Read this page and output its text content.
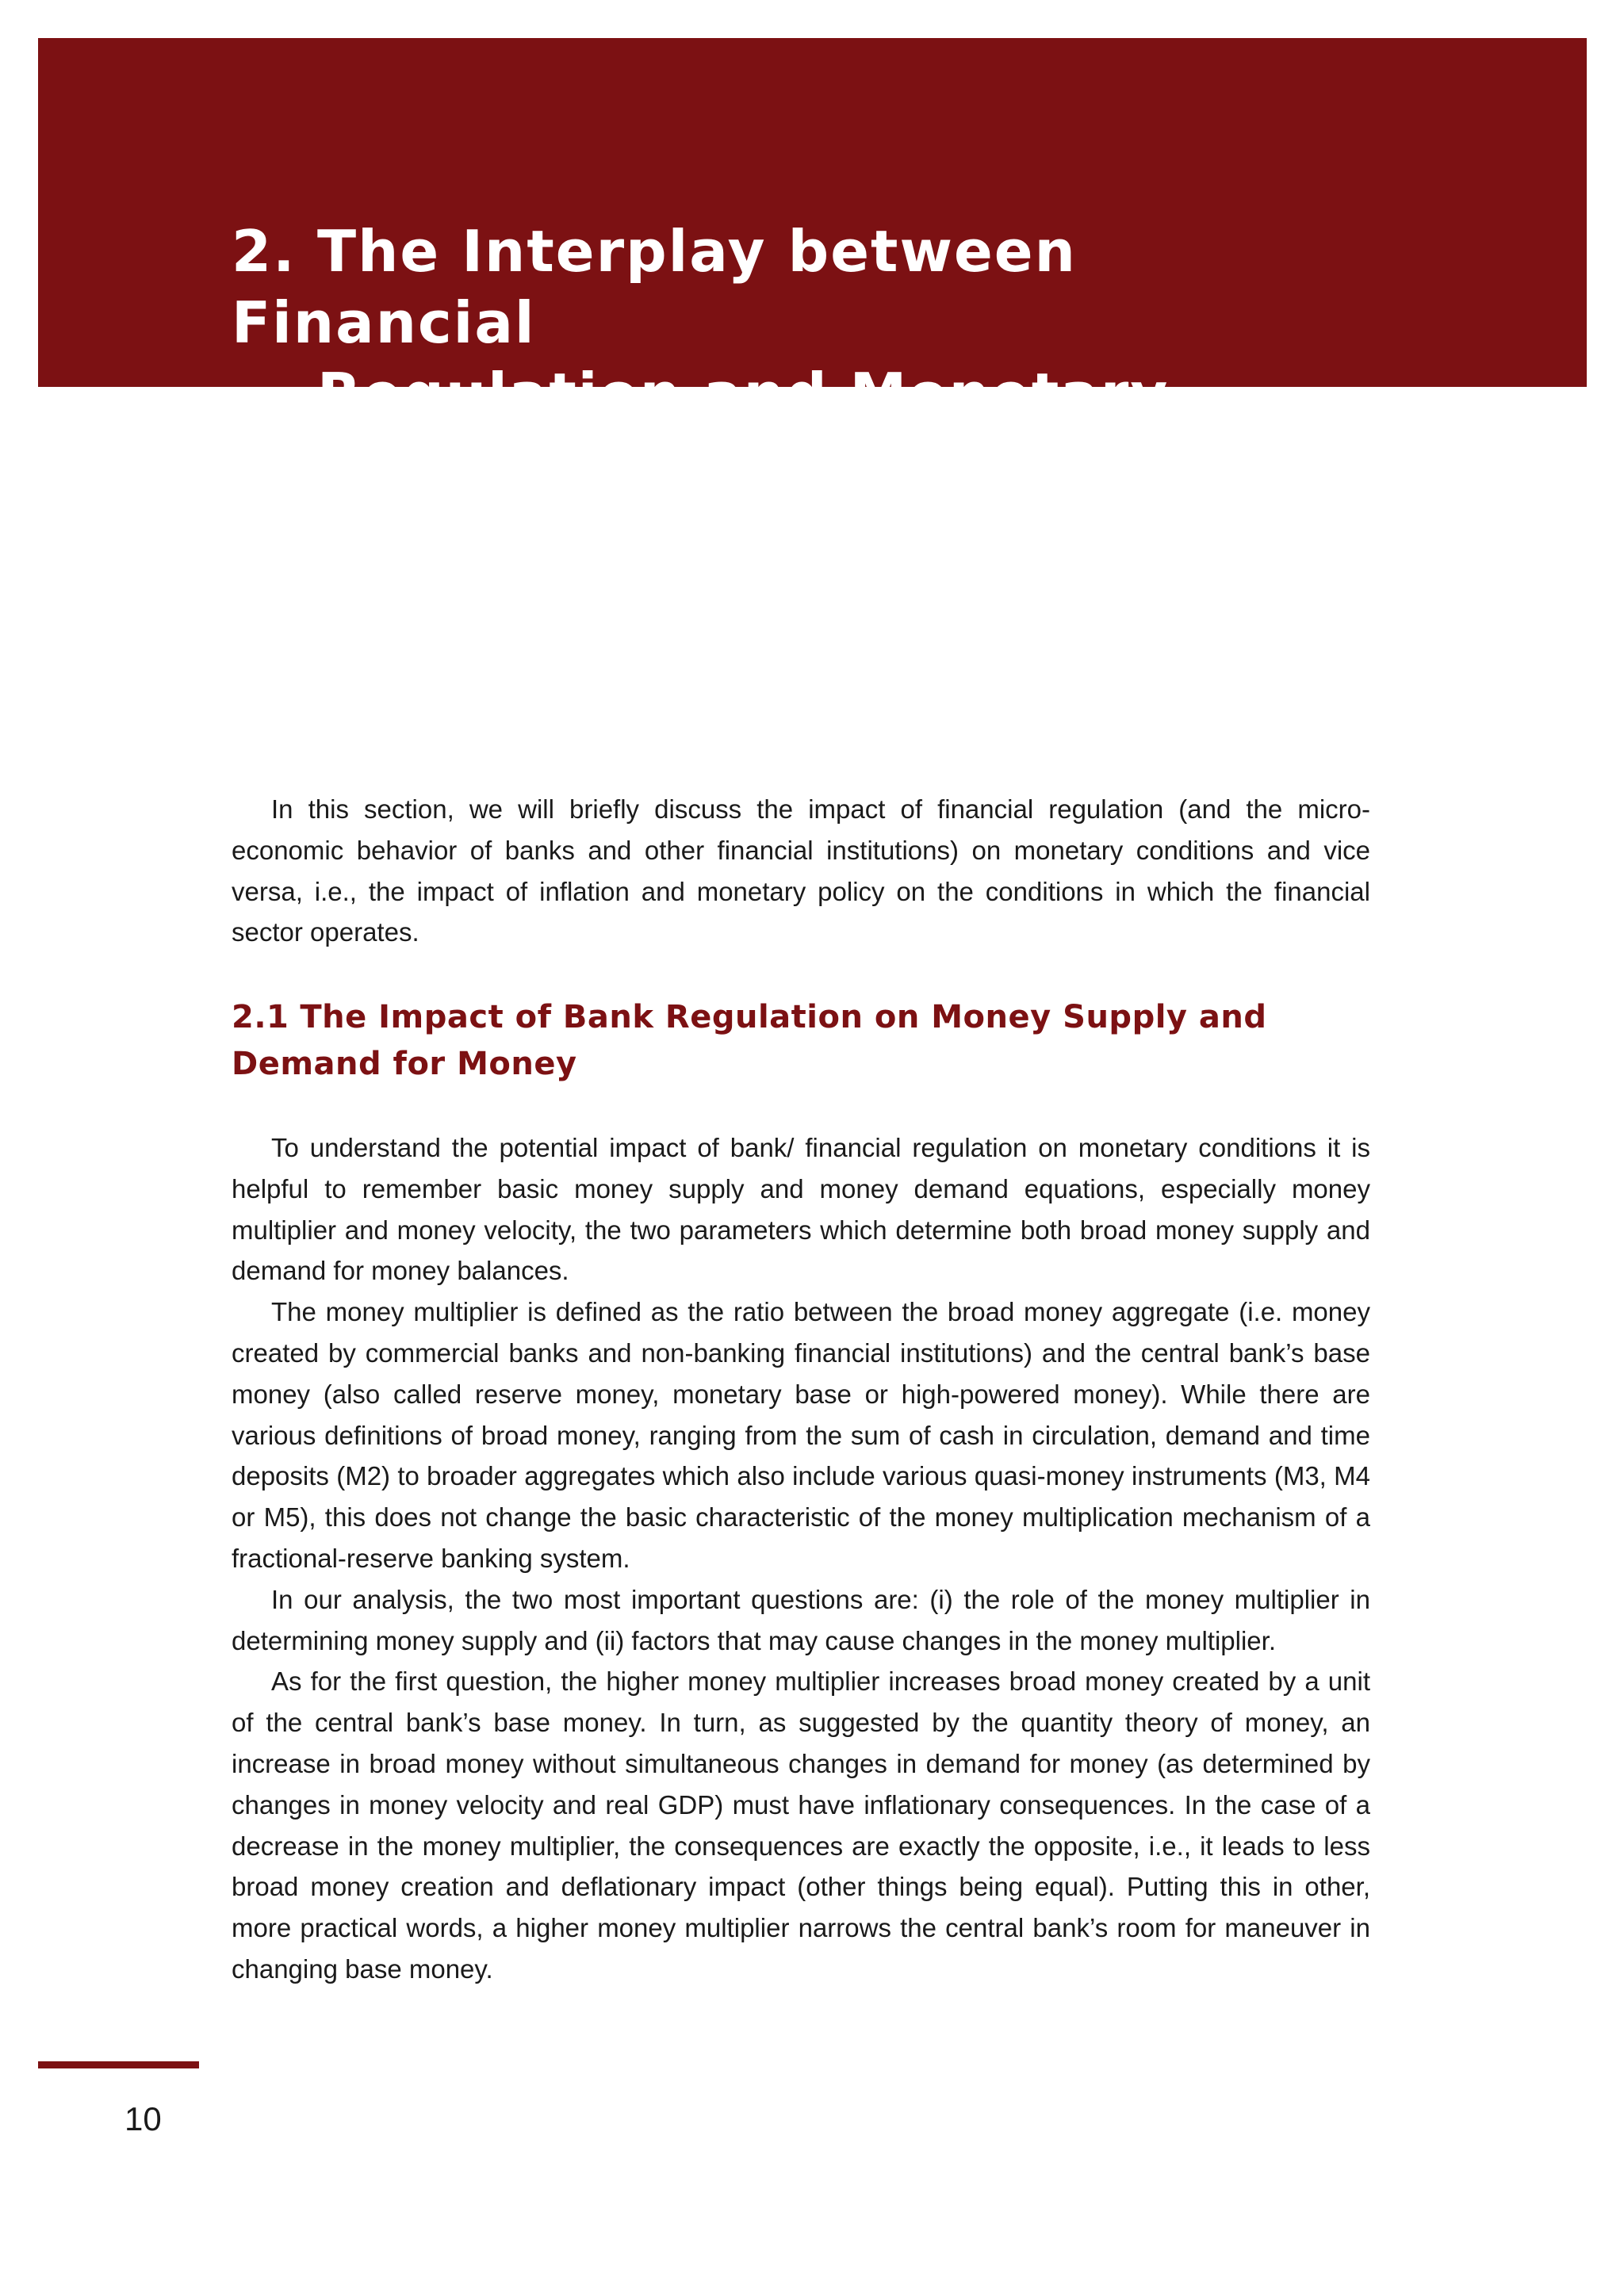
2. The Interplay between Financial
Regulation and Monetary Policy

In this section, we will briefly discuss the impact of financial regulation (and the micro-economic behavior of banks and other financial institutions) on monetary conditions and vice versa, i.e., the impact of inflation and monetary policy on the conditions in which the financial sector operates.

2.1 The Impact of Bank Regulation on Money Supply and Demand for Money

To understand the potential impact of bank/ financial regulation on monetary conditions it is helpful to remember basic money supply and money demand equations, especially money multiplier and money velocity, the two parameters which determine both broad money supply and demand for money balances.

The money multiplier is defined as the ratio between the broad money aggregate (i.e. money created by commercial banks and non-banking financial institutions) and the central bank’s base money (also called reserve money, monetary base or high-powered money). While there are various definitions of broad money, ranging from the sum of cash in circulation, demand and time deposits (M2) to broader aggregates which also include various quasi-money instruments (M3, M4 or M5), this does not change the basic characteristic of the money multiplication mechanism of a fractional-reserve banking system.

In our analysis, the two most important questions are: (i) the role of the money multiplier in determining money supply and (ii) factors that may cause changes in the money multiplier.

As for the first question, the higher money multiplier increases broad money created by a unit of the central bank’s base money. In turn, as suggested by the quantity theory of money, an increase in broad money without simultaneous changes in demand for money (as determined by changes in money velocity and real GDP) must have inflationary consequences. In the case of a decrease in the money multiplier, the consequences are exactly the opposite, i.e., it leads to less broad money creation and deflationary impact (other things being equal). Putting this in other, more practical words, a higher money multiplier narrows the central bank’s room for maneuver in changing base money.

10
